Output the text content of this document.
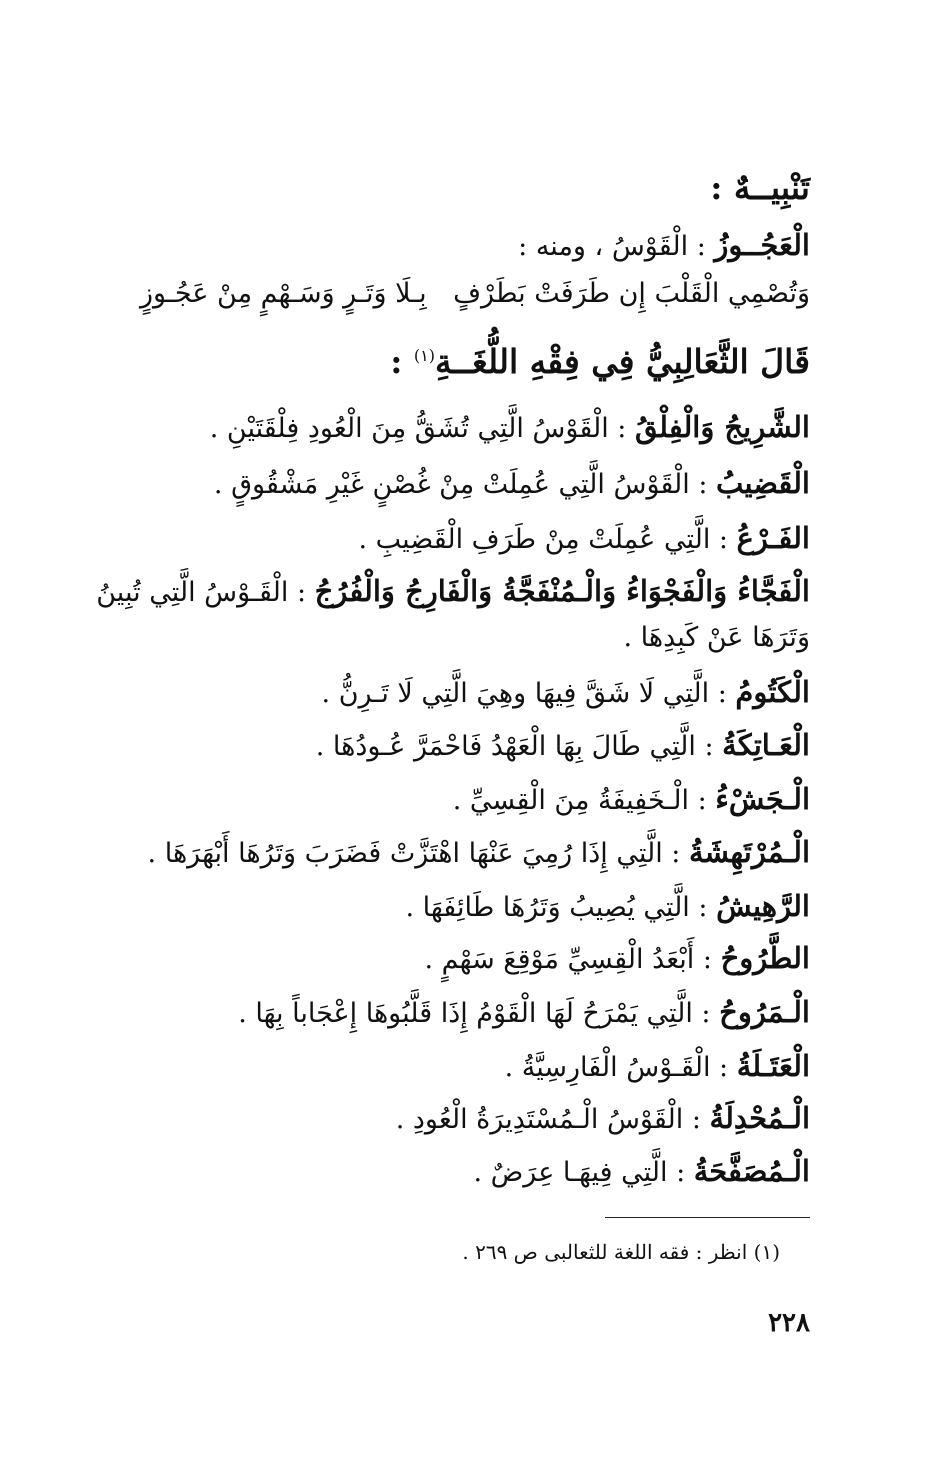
تَنْبِيــهٌ :
الْعَجُــوزُ : الْقَوْسُ ، ومنه :
وَتُصْمِي الْقَلْبَ إِن طَرَفَتْ بَطَرْفٍ
بِـلَا وَتَـرٍ وَسَـهْمٍ مِنْ عَجُـوزٍ
قَالَ الثَّعَالِبِيُّ فِي فِقْهِ اللُّغَــةِ$^{(١)}$ :
الشَّرِيجُ وَالْفِلْقُ : الْقَوْسُ الَّتِي تُشَقُّ مِنَ الْعُودِ فِلْقَتَيْنِ .
الْقَضِيبُ : الْقَوْسُ الَّتِي عُمِلَتْ مِنْ غُصْنٍ غَيْرِ مَشْقُوقٍ .
الفَـرْعُ : الَّتِي عُمِلَتْ مِنْ طَرَفِ الْقَضِيبِ .
الْفَجَّاءُ وَالْفَجْوَاءُ وَالْـمُنْفَجَّةُ وَالْفَارِجُ وَالْفُرُجُ : الْقَـوْسُ الَّتِي تُبِينُ
وَتَرَهَا عَنْ كَبِدِهَا .
الْكَتُومُ : الَّتِي لَا شَقَّ فِيهَا وهِيَ الَّتِي لَا تَـرِنُّ .
الْعَـاتِكَةُ : الَّتِي طَالَ بِهَا الْعَهْدُ فَاحْمَرَّ عُـودُهَا .
الْـجَشْءُ : الْـخَفِيفَةُ مِنَ الْقِسِيِّ .
الْـمُرْتَهِشَةُ : الَّتِي إِذَا رُمِيَ عَنْهَا اهْتَزَّتْ فَضَرَبَ وَتَرُهَا أَبْهَرَهَا .
الرَّهِيشُ : الَّتِي يُصِيبُ وَتَرُهَا طَائِفَهَا .
الطَّرُوحُ : أَبْعَدُ الْقِسِيِّ مَوْقِعَ سَهْمٍ .
الْـمَرُوحُ : الَّتِي يَمْرَحُ لَهَا الْقَوْمُ إِذَا قَلَّبُوهَا إِعْجَاباً بِهَا .
الْعَتَـلَةُ : الْقَـوْسُ الْفَارِسِيَّةُ .
الْـمُحْدِلَةُ : الْقَوْسُ الْـمُسْتَدِيرَةُ الْعُودِ .
الْـمُصَفَّحَةُ : الَّتِي فِيهَـا عِرَضٌ .
(١) انظر : فقه اللغة للثعالبى ص ٢٦٩ .
٢٢٨
